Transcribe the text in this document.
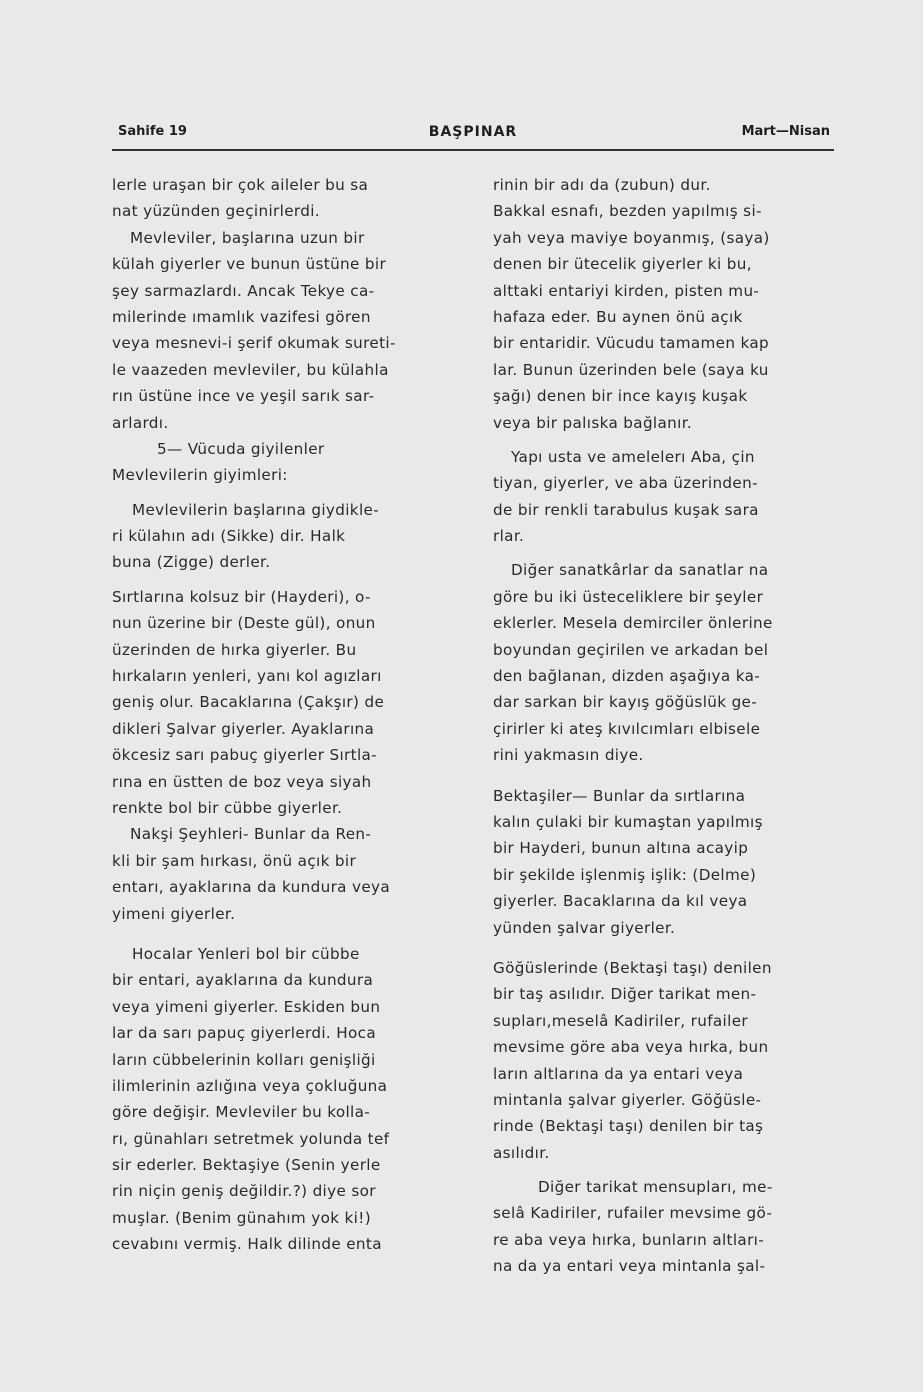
Sahife 19	BAŞPINAR	Mart—Nisan
lerle uraşan bir çok aileler bu sa
nat yüzünden geçinirlerdi.
Mevleviler, başlarına uzun bir
külah giyerler ve bunun üstüne bir
şey sarmazlardı. Ancak Tekye ca-
milerinde ımamlık vazifesi gören
veya mesnevi-i şerif okumak sureti-
le vaazeden mevleviler, bu külahla
rın üstüne ince ve yeşil sarık sar-
arlardı.
5— Vücuda giyilenler
Mevlevilerin giyimleri:
Mevlevilerin başlarına giydikle-
ri külahın adı (Sikke) dir. Halk
buna (Zigge) derler.
Sırtlarına kolsuz bir (Hayderi), o-
nun üzerine bir (Deste gül), onun
üzerinden de hırka giyerler. Bu
hırkaların yenleri, yanı kol agızları
geniş olur. Bacaklarına (Çakşır) de
dikleri Şalvar giyerler. Ayaklarına
ökcesiz sarı pabuç giyerler Sırtla-
rına en üstten de boz veya siyah
renkte bol bir cübbe giyerler.
Nakşi Şeyhleri- Bunlar da Ren-
kli bir şam hırkası, önü açık bir
entarı, ayaklarına da kundura veya
yimeni giyerler.
Hocalar Yenleri bol bir cübbe
bir entari, ayaklarına da kundura
veya yimeni giyerler. Eskiden bun
lar da sarı papuç giyerlerdi. Hoca
ların cübbelerinin kolları genişliği
ilimlerinin azlığına veya çokluğuna
göre değişir. Mevleviler bu kolla-
rı, günahları setretmek yolunda tef
sir ederler. Bektaşiye (Senin yerle
rin niçin geniş değildir.?) diye sor
muşlar. (Benim günahım yok ki!)
cevabını vermiş. Halk dilinde enta
rinin bir adı da (zubun) dur.
Bakkal esnafı, bezden yapılmış si-
yah veya maviye boyanmış, (saya)
denen bir ütecelik giyerler ki bu,
alttaki entariyi kirden, pisten mu-
hafaza eder. Bu aynen önü açık
bir entaridir. Vücudu tamamen kap
lar. Bunun üzerinden bele (saya ku
şağı) denen bir ince kayış kuşak
veya bir palıska bağlanır.
Yapı usta ve amelelerı Aba, çin
tiyan, giyerler, ve aba üzerinden-
de bir renkli tarabulus kuşak sara
rlar.
Diğer sanatkârlar da sanatlar na
göre bu iki üsteceliklere bir şeyler
eklerler. Mesela demirciler önlerine
boyundan geçirilen ve arkadan bel
den bağlanan, dizden aşağıya ka-
dar sarkan bir kayış göğüslük ge-
çirirler ki ateş kıvılcımları elbisele
rini yakmasın diye.
Bektaşiler— Bunlar da sırtlarına
kalın çulaki bir kumaştan yapılmış
bir Hayderi, bunun altına acayip
bir şekilde işlenmiş işlik: (Delme)
giyerler. Bacaklarına da kıl veya
yünden şalvar giyerler.
Göğüslerinde (Bektaşi taşı) denilen
bir taş asılıdır. Diğer tarikat men-
supları,meselâ Kadiriler, rufailer
mevsime göre aba veya hırka, bun
ların altlarına da ya entari veya
mintanla şalvar giyerler. Göğüsle-
rinde (Bektaşi taşı) denilen bir taş
asılıdır.
Diğer tarikat mensupları, me-
selâ Kadiriler, rufailer mevsime gö-
re aba veya hırka, bunların altları-
na da ya entari veya mintanla şal-
